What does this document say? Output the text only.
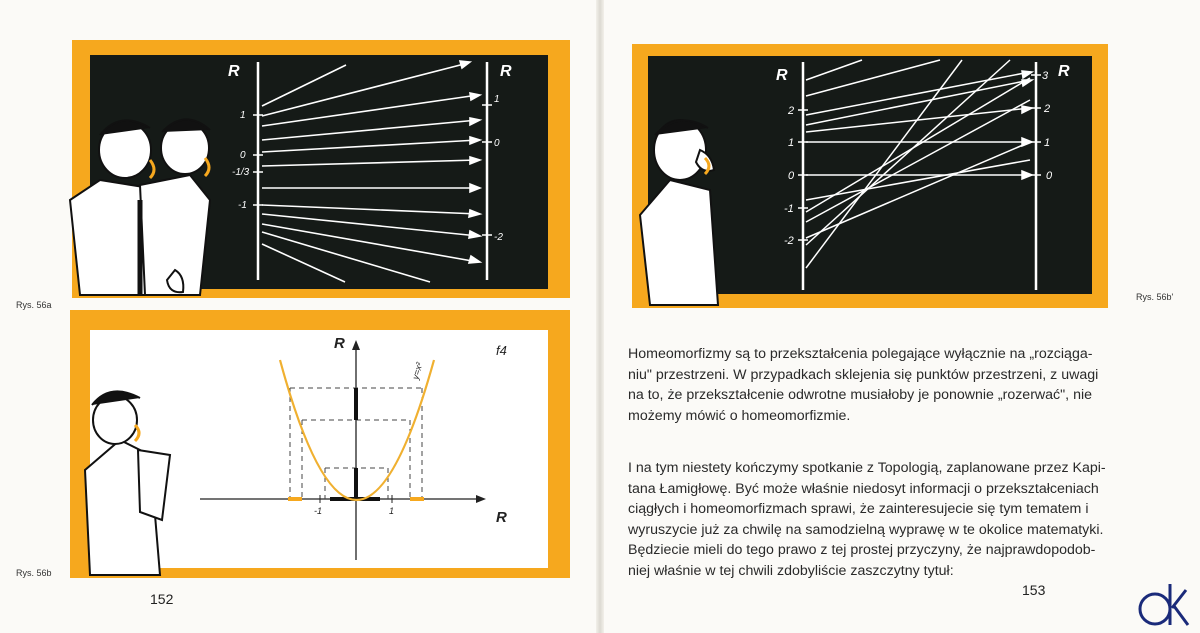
R	R
1
0
-1/3
-1
1
0
-2
Rys. 56a
R
R
f4
y=x²
-1	1
Rys. 56b
152
R	R
2
1
0
-1
-2
3
2
1
0
Rys. 56b'
Homeomorfizmy są to przekształcenia polegające wyłącznie na „rozciąga-
niu" przestrzeni. W przypadkach sklejenia się punktów przestrzeni, z uwagi
na to, że przekształcenie odwrotne musiałoby je ponownie „rozerwać", nie
możemy mówić o homeomorfizmie.
I na tym niestety kończymy spotkanie z Topologią, zaplanowane przez Kapi-
tana Łamigłowę. Być może właśnie niedosyt informacji o przekształceniach
ciągłych i homeomorfizmach sprawi, że zainteresujecie się tym tematem i
wyruszycie już za chwilę na samodzielną wyprawę w te okolice matematyki.
Będziecie mieli do tego prawo z tej prostej przyczyny, że najprawdopodob-
niej właśnie w tej chwili zdobyliście zaszczytny tytuł:
153
